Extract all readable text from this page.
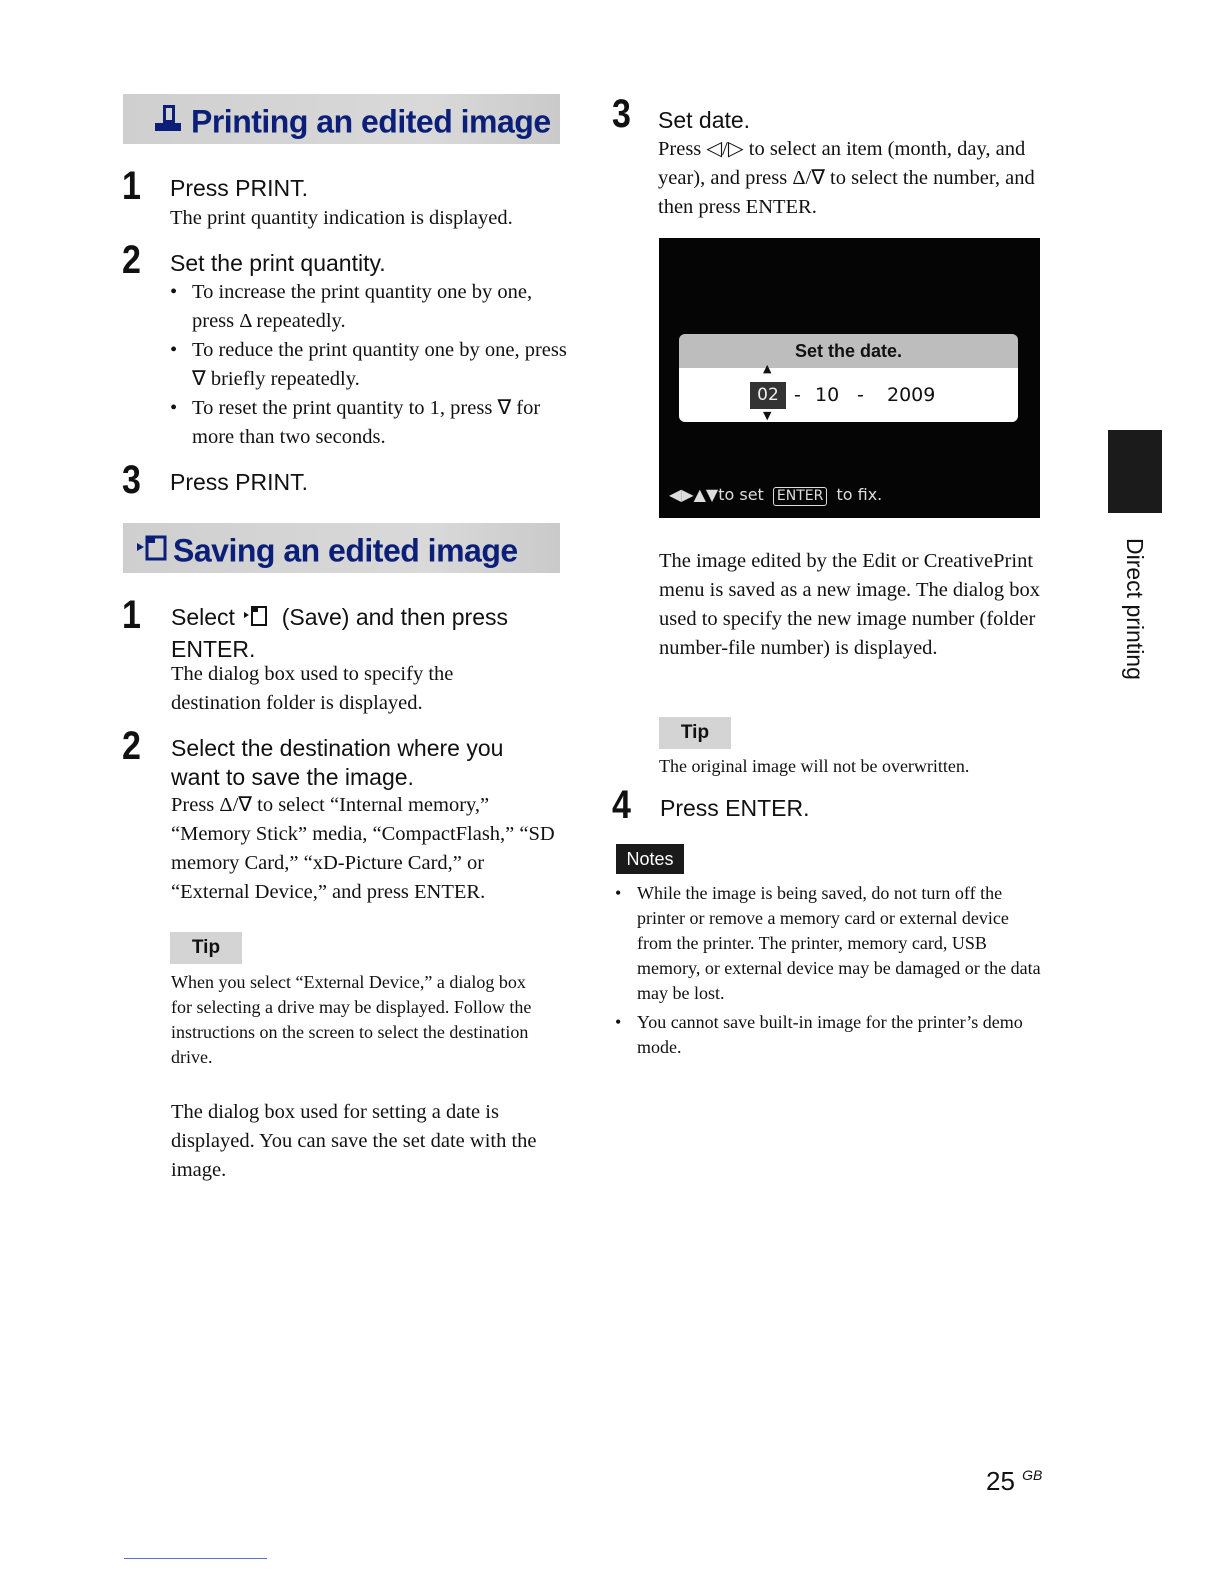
Printing an edited image
1 Press PRINT.
The print quantity indication is displayed.
2 Set the print quantity.
• To increase the print quantity one by one, press Δ repeatedly.
• To reduce the print quantity one by one, press ∇ briefly repeatedly.
• To reset the print quantity to 1, press ∇ for more than two seconds.
3 Press PRINT.
Saving an edited image
1 Select (Save) and then press ENTER.
The dialog box used to specify the destination folder is displayed.
2 Select the destination where you want to save the image.
Press Δ/∇ to select “Internal memory,” “Memory Stick” media, “CompactFlash,” “SD memory Card,” “xD-Picture Card,” or “External Device,” and press ENTER.
Tip
When you select “External Device,” a dialog box for selecting a drive may be displayed. Follow the instructions on the screen to select the destination drive.
The dialog box used for setting a date is displayed. You can save the set date with the image.
3 Set date.
Press ◁/▷ to select an item (month, day, and year), and press Δ/∇ to select the number, and then press ENTER.
Set the date.
▲
02
▼
- 10 - 2009
◀▶▲▼to set ENTER to fix.
The image edited by the Edit or CreativePrint menu is saved as a new image. The dialog box used to specify the new image number (folder number-file number) is displayed.
Tip
The original image will not be overwritten.
4 Press ENTER.
Notes
• While the image is being saved, do not turn off the printer or remove a memory card or external device from the printer. The printer, memory card, USB memory, or external device may be damaged or the data may be lost.
• You cannot save built-in image for the printer’s demo mode.
Direct printing
25 $^{GB}$
